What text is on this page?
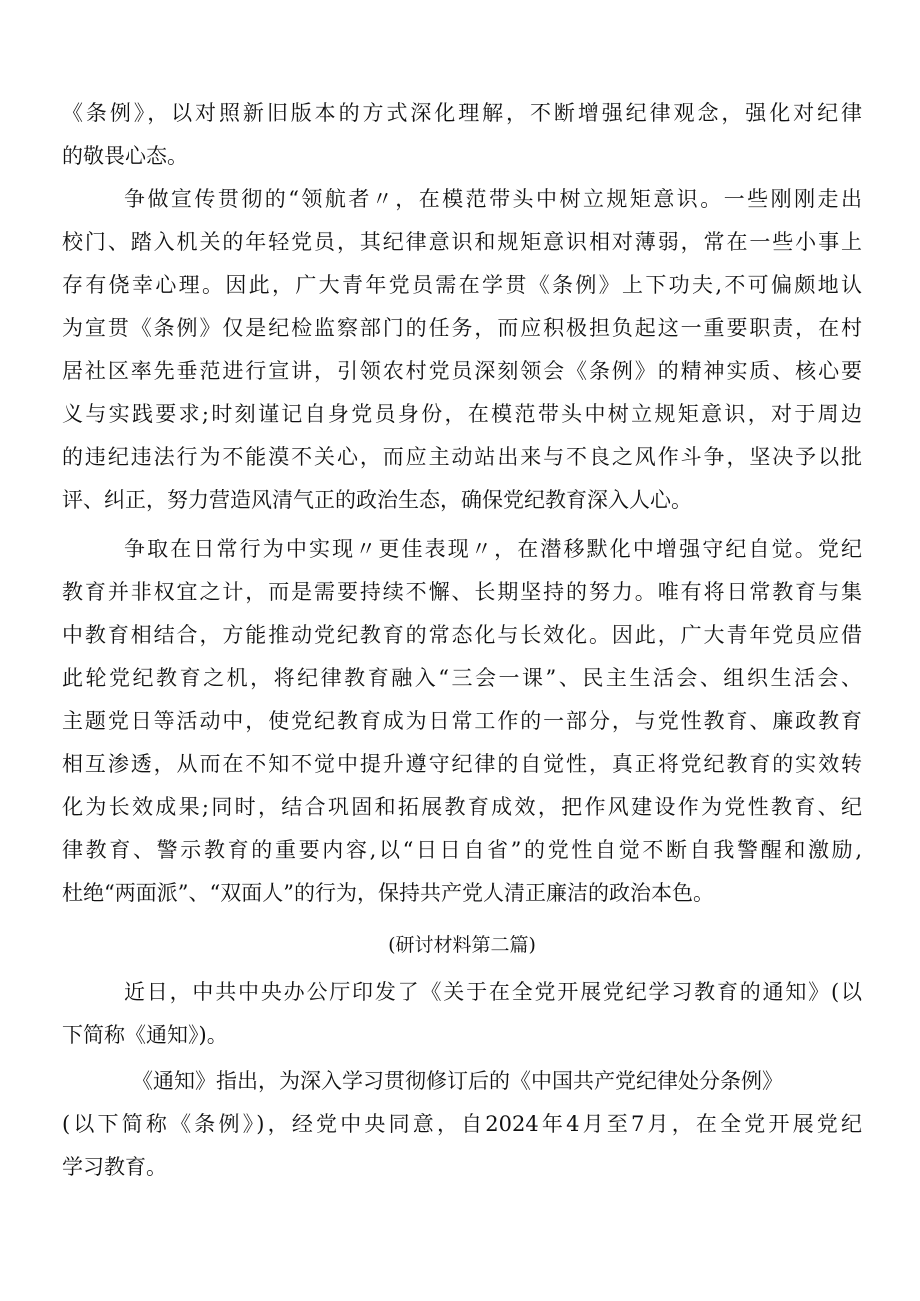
《条例》，以对照新旧版本的方式深化理解，不断增强纪律观念，强化对纪律
的敬畏心态。
争做宣传贯彻的“领航者〃，在模范带头中树立规矩意识。一些刚刚走出
校门、踏入机关的年轻党员，其纪律意识和规矩意识相对薄弱，常在一些小事上
存有侥幸心理。因此，广大青年党员需在学贯《条例》上下功夫,不可偏颇地认
为宣贯《条例》仅是纪检监察部门的任务，而应积极担负起这一重要职责，在村
居社区率先垂范进行宣讲，引领农村党员深刻领会《条例》的精神实质、核心要
义与实践要求;时刻谨记自身党员身份，在模范带头中树立规矩意识，对于周边
的违纪违法行为不能漠不关心，而应主动站出来与不良之风作斗争，坚决予以批
评、纠正，努力营造风清气正的政治生态，确保党纪教育深入人心。
争取在日常行为中实现〃更佳表现〃，在潜移默化中增强守纪自觉。党纪
教育并非权宜之计，而是需要持续不懈、长期坚持的努力。唯有将日常教育与集
中教育相结合，方能推动党纪教育的常态化与长效化。因此，广大青年党员应借
此轮党纪教育之机，将纪律教育融入“三会一课”、民主生活会、组织生活会、
主题党日等活动中，使党纪教育成为日常工作的一部分，与党性教育、廉政教育
相互渗透，从而在不知不觉中提升遵守纪律的自觉性，真正将党纪教育的实效转
化为长效成果;同时，结合巩固和拓展教育成效，把作风建设作为党性教育、纪
律教育、警示教育的重要内容,以“日日自省”的党性自觉不断自我警醒和激励,
杜绝“两面派”、“双面人”的行为，保持共产党人清正廉洁的政治本色。
(研讨材料第二篇)
近日，中共中央办公厅印发了《关于在全党开展党纪学习教育的通知》(以
下简称《通知》)。
《通知》指出，为深入学习贯彻修订后的《中国共产党纪律处分条例》
(以下简称《条例》)，经党中央同意，自2024年4月至7月，在全党开展党纪
学习教育。
